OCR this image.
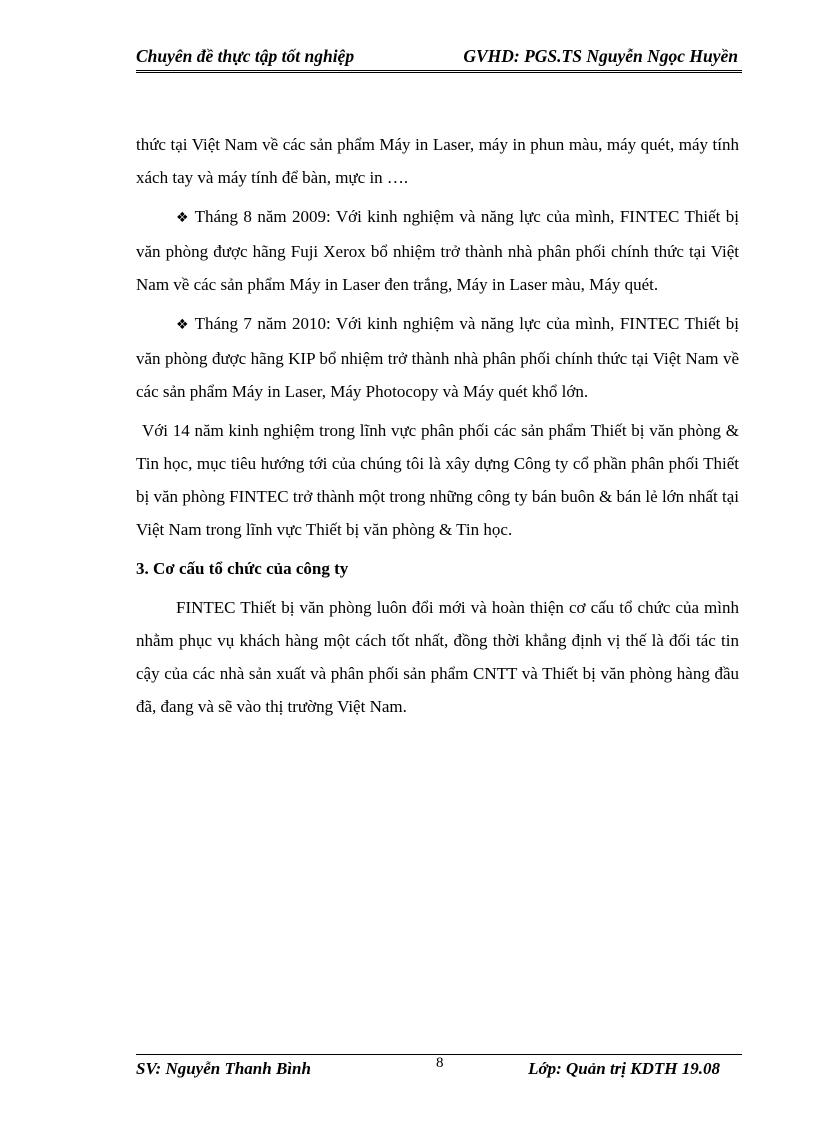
Chuyên đề thực tập tốt nghiệp	GVHD: PGS.TS Nguyễn Ngọc Huyền

thức tại Việt Nam về các sản phẩm Máy in Laser, máy in phun màu, máy quét, máy tính xách tay và máy tính để bàn, mực in ….

❖ Tháng 8 năm 2009: Với kinh nghiệm và năng lực của mình, FINTEC Thiết bị văn phòng được hãng Fuji Xerox bổ nhiệm trở thành nhà phân phối chính thức tại Việt Nam về các sản phẩm Máy in Laser đen trắng, Máy in Laser màu, Máy quét.

❖ Tháng 7 năm 2010: Với kinh nghiệm và năng lực của mình, FINTEC Thiết bị văn phòng được hãng KIP bổ nhiệm trở thành nhà phân phối chính thức tại Việt Nam về các sản phẩm Máy in Laser, Máy Photocopy và Máy quét khổ lớn.

Với 14 năm kinh nghiệm trong lĩnh vực phân phối các sản phẩm Thiết bị văn phòng & Tin học, mục tiêu hướng tới của chúng tôi là xây dựng Công ty cổ phần phân phối Thiết bị văn phòng FINTEC trở thành một trong những công ty bán buôn & bán lẻ lớn nhất tại Việt Nam trong lĩnh vực Thiết bị văn phòng & Tin học.

3. Cơ cấu tổ chức của công ty

FINTEC Thiết bị văn phòng luôn đổi mới và hoàn thiện cơ cấu tổ chức của mình nhằm phục vụ khách hàng một cách tốt nhất, đồng thời khẳng định vị thế là đối tác tin cậy của các nhà sản xuất và phân phối sản phẩm CNTT và Thiết bị văn phòng hàng đầu đã, đang và sẽ vào thị trường Việt Nam.

SV: Nguyễn Thanh Bình	8	Lớp: Quản trị KDTH 19.08
